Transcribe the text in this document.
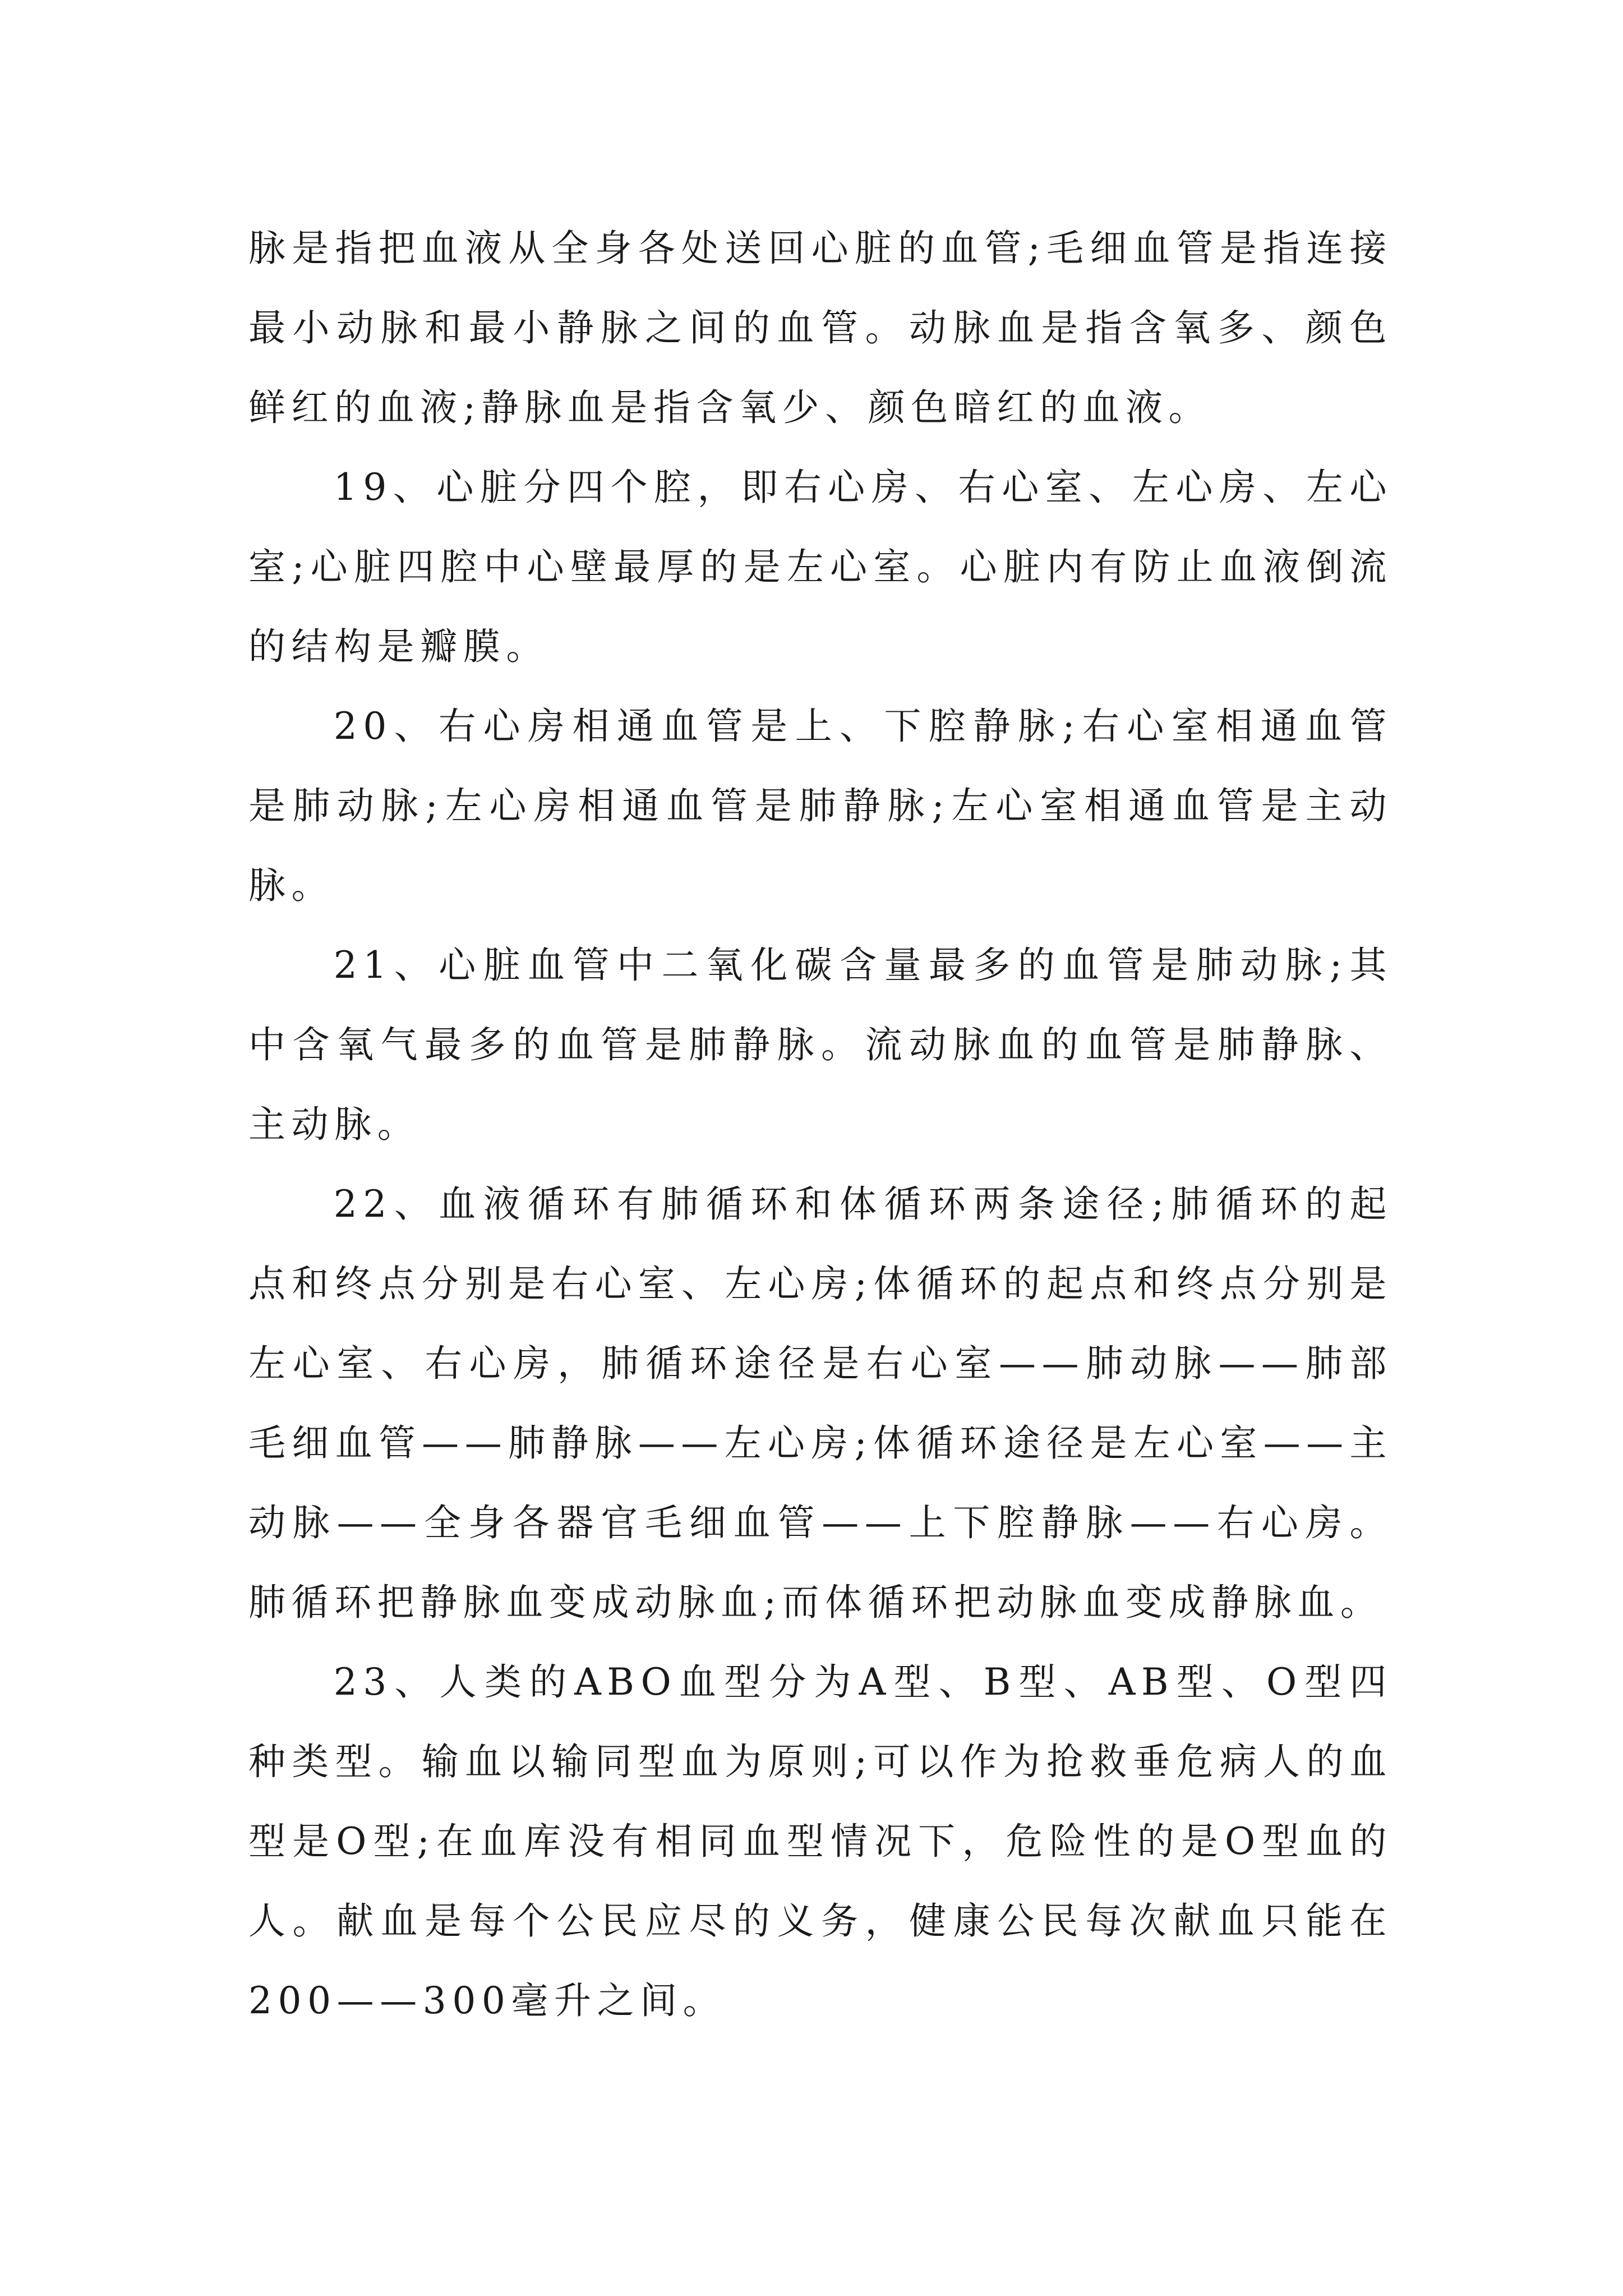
脉是指把血液从全身各处送回心脏的血管;毛细血管是指连接最小动脉和最小静脉之间的血管。动脉血是指含氧多、颜色鲜红的血液;静脉血是指含氧少、颜色暗红的血液。

19、心脏分四个腔，即右心房、右心室、左心房、左心室;心脏四腔中心壁最厚的是左心室。心脏内有防止血液倒流的结构是瓣膜。

20、右心房相通血管是上、下腔静脉;右心室相通血管是肺动脉;左心房相通血管是肺静脉;左心室相通血管是主动脉。

21、心脏血管中二氧化碳含量最多的血管是肺动脉;其中含氧气最多的血管是肺静脉。流动脉血的血管是肺静脉、主动脉。

22、血液循环有肺循环和体循环两条途径;肺循环的起点和终点分别是右心室、左心房;体循环的起点和终点分别是左心室、右心房，肺循环途径是右心室——肺动脉——肺部毛细血管——肺静脉——左心房;体循环途径是左心室——主动脉——全身各器官毛细血管——上下腔静脉——右心房。肺循环把静脉血变成动脉血;而体循环把动脉血变成静脉血。

23、人类的ABO血型分为A型、B型、AB型、O型四种类型。输血以输同型血为原则;可以作为抢救垂危病人的血型是O型;在血库没有相同血型情况下，危险性的是O型血的人。献血是每个公民应尽的义务，健康公民每次献血只能在200——300毫升之间。
